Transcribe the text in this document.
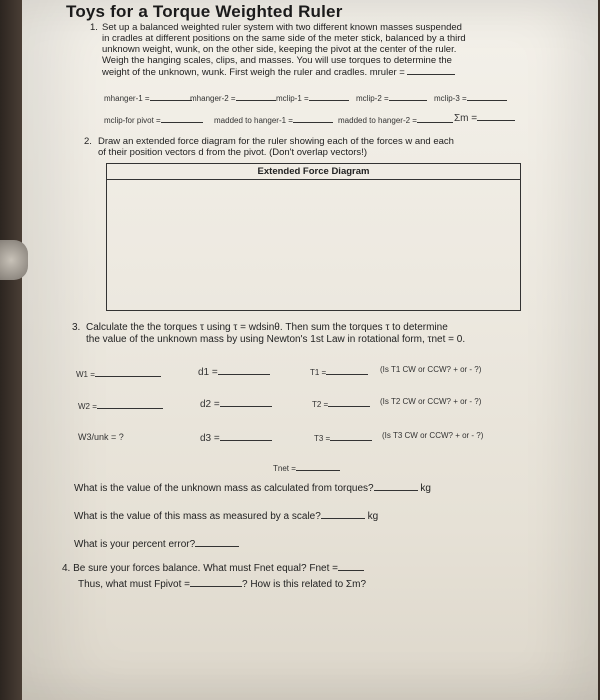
Toys for a Torque Weighted Ruler
1. Set up a balanced weighted ruler system with two different known masses suspended
in cradles at different positions on the same side of the meter stick, balanced by a third
unknown weight, wunk, on the other side, keeping the pivot at the center of the ruler.
Weigh the hanging scales, clips, and masses. You will use torques to determine the
weight of the unknown, wunk. First weigh the ruler and cradles. mruler =
mhanger-1 =	mhanger-2 =	mclip-1 =	mclip-2 =	mclip-3 =
mclip-for pivot =	madded to hanger-1 =	madded to hanger-2 =	Σm =
2. Draw an extended force diagram for the ruler showing each of the forces w and each
of their position vectors d from the pivot. (Don't overlap vectors!)
Extended Force Diagram
3. Calculate the the torques τ using τ = wdsinθ. Then sum the torques τ to determine
the value of the unknown mass by using Newton's 1st Law in rotational form, τnet = 0.
W1 =	d1 =	T1 =	(Is T1 CW or CCW? + or - ?)
W2 =	d2 =	T2 =	(Is T2 CW or CCW? + or - ?)
W3/unk = ?	d3 =	T3 =	(Is T3 CW or CCW? + or - ?)
Tnet =
What is the value of the unknown mass as calculated from torques?	kg
What is the value of this mass as measured by a scale?	kg
What is your percent error?
4. Be sure your forces balance. What must Fnet equal? Fnet =
Thus, what must Fpivot =	? How is this related to Σm?
